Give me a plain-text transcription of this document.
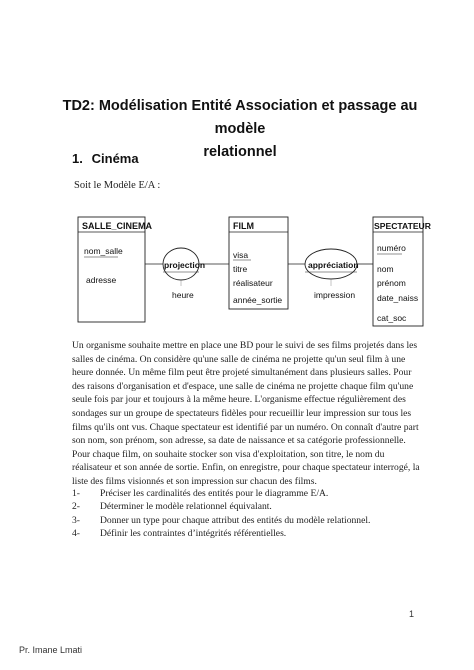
TD2: Modélisation Entité Association et passage au modèle
relationnel
1. Cinéma
Soit le Modèle E/A :
SALLE_CINEMA
nom_salle
adresse
projection
heure
FILM
visa
titre
réalisateur
année_sortie
appréciation
impression
SPECTATEUR
numéro
nom
prénom
date_naiss
cat_soc
Un organisme souhaite mettre en place une BD pour le suivi de ses films projetés dans les
salles de cinéma. On considère qu'une salle de cinéma ne projette qu'un seul film à une
heure donnée. Un même film peut être projeté simultanément dans plusieurs salles. Pour
des raisons d'organisation et d'espace, une salle de cinéma ne projette chaque film qu'une
seule fois par jour et toujours à la même heure. L'organisme effectue régulièrement des
sondages sur un groupe de spectateurs fidèles pour recueillir leur impression sur tous les
films qu'ils ont vus. Chaque spectateur est identifié par un numéro. On connaît d'autre part
son nom, son prénom, son adresse, sa date de naissance et sa catégorie professionnelle.
Pour chaque film, on souhaite stocker son visa d'exploitation, son titre, le nom du
réalisateur et son année de sortie. Enfin, on enregistre, pour chaque spectateur interrogé, la
liste des films visionnés et son impression sur chacun des films.
1- Préciser les cardinalités des entités pour le diagramme E/A.
2- Déterminer le modèle relationnel équivalant.
3- Donner un type pour chaque attribut des entités du modèle relationnel.
4- Définir les contraintes d’intégrités référentielles.
1
Pr. Imane Lmati
